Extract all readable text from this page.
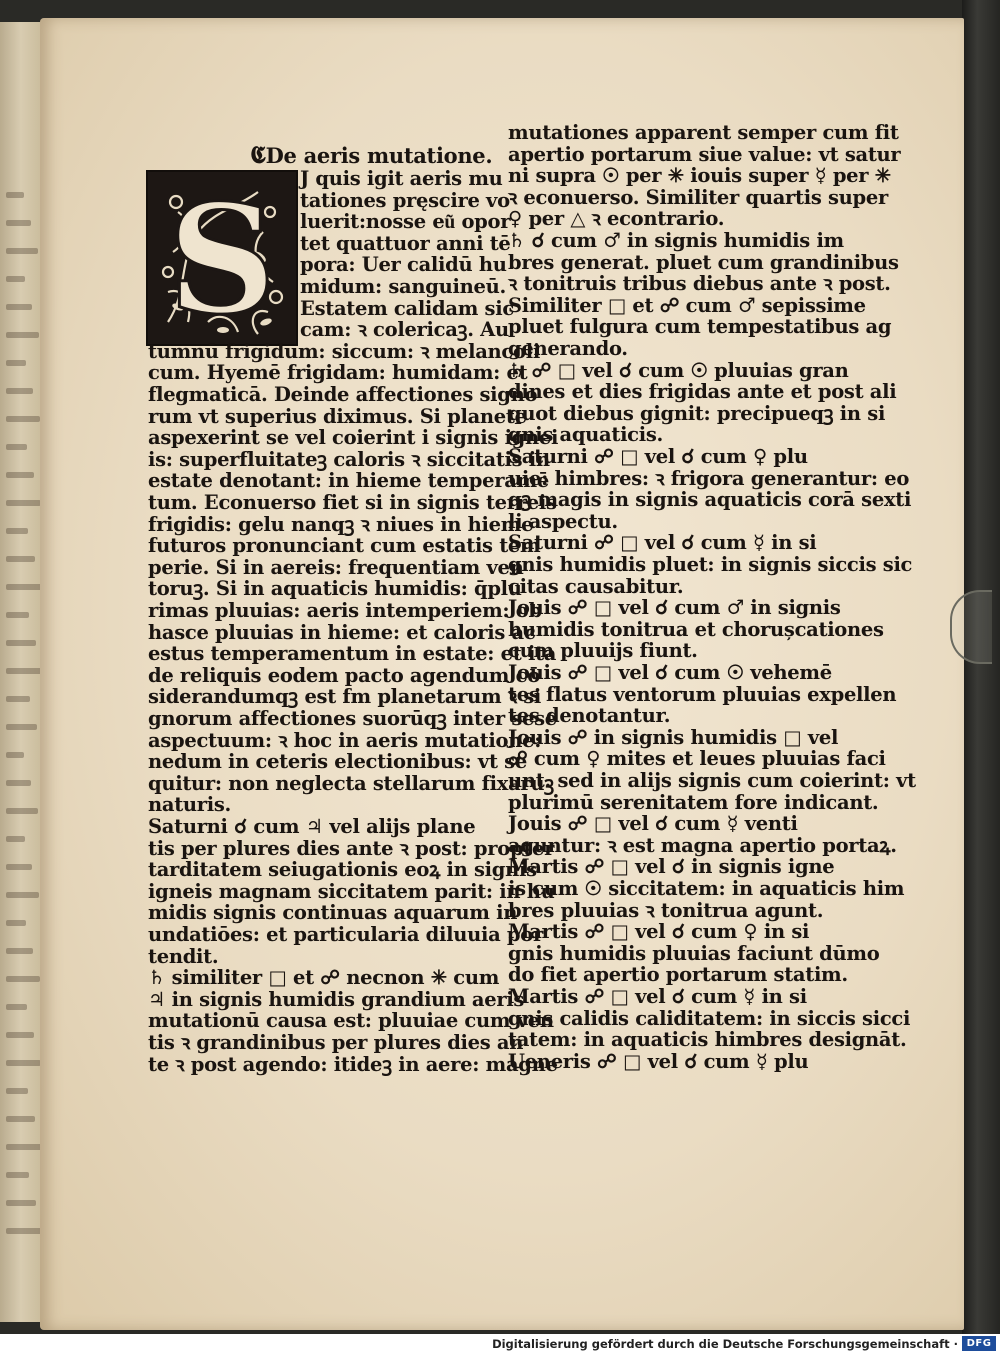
𝕮De aeris mutatione.
S J quis igit aeris mu
tationes pręscire vo
luerit:nosse eu͂ opor
tet quattuor anni tē
pora: Uer calidū hu
midum: sanguineū.
Estatem calidam sic
cam: ꝛ colericaꝫ. Au
tumnū frigidum: siccum: ꝛ melancoli
cum. Hyemē frigidam: humidam: et
flegmaticā. Deinde affectiones signo
rum vt superius diximus. Si planete
aspexerint se vel coierint i signis ignei
is: superfluitateꝫ caloris ꝛ siccitatis in
estate denotant: in hieme temperamē
tum. Econuerso fiet si in signis terreis
frigidis: gelu nanqꝫ ꝛ niues in hieme
futuros pronunciant cum estatis tem
perie. Si in aereis: frequentiam ven
toruꝫ. Si in aquaticis humidis: q̄plu
rimas pluuias: aeris intemperiem: ob
hasce pluuias in hieme: et caloris ac
estus temperamentum in estate: et ita
de reliquis eodem pacto agendum cō
siderandumqꝫ est fm planetarum ꝛ si
gnorum affectiones suorūqꝫ inter sese
aspectuum: ꝛ hoc in aeris mutatione:
nedum in ceteris electionibus: vt se
quitur: non neglecta stellarum fixaruꝫ
naturis.
Saturni ☌ cum ♃ vel alijs plane
tis per plures dies ante ꝛ post: propter
tarditatem seiugationis eoꝝ in signis
igneis magnam siccitatem parit: in hu
midis signis continuas aquarum in
undatiōes: et particularia diluuia por
tendit.
♄ similiter □ et ☍ necnon ✳ cum
♃ in signis humidis grandium aeris
mutationū causa est: pluuiae cum ven
tis ꝛ grandinibus per plures dies an
te ꝛ post agendo: itideꝫ in aere: magne
mutationes apparent semper cum fit
apertio portarum siue value: vt satur
ni supra ☉ per ✳ iouis super ☿ per ✳
ꝛ econuerso. Similiter quartis super
♀ per △ ꝛ econtrario.
♄ ☌ cum ♂ in signis humidis im
bres generat. pluet cum grandinibus
ꝛ tonitruis tribus diebus ante ꝛ post.
Similiter □ et ☍ cum ♂ sepissime
pluet fulgura cum tempestatibus ag
generando.
♄ ☍ □ vel ☌ cum ☉ pluuias gran
dines et dies frigidas ante et post ali
quot diebus gignit: precipueqꝫ in si
gnis aquaticis.
Saturni ☍ □ vel ☌ cum ♀ plu
uie: himbres: ꝛ frigora generantur: eo
qꝫ magis in signis aquaticis corā sexti
li aspectu.
Saturni ☍ □ vel ☌ cum ☿ in si
gnis humidis pluet: in signis siccis sic
citas causabitur.
Jouis ☍ □ vel ☌ cum ♂ in signis
humidis tonitrua et chorușcationes
cum pluuijs fiunt.
Jouis ☍ □ vel ☌ cum ☉ vehemē
tes flatus ventorum pluuias expellen
tes denotantur.
Jouis ☍ in signis humidis □ vel
☍ cum ♀ mites et leues pluuias faci
unt. sed in alijs signis cum coierint: vt
plurimū serenitatem fore indicant.
Jouis ☍ □ vel ☌ cum ☿ venti
aguntur: ꝛ est magna apertio portaꝝ.
Martis ☍ □ vel ☌ in signis igne
is cum ☉ siccitatem: in aquaticis him
bres pluuias ꝛ tonitrua agunt.
Martis ☍ □ vel ☌ cum ♀ in si
gnis humidis pluuias faciunt dūmo
do fiet apertio portarum statim.
Martis ☍ □ vel ☌ cum ☿ in si
gnis calidis caliditatem: in siccis sicci
tatem: in aquaticis himbres designāt.
Ueneris ☍ □ vel ☌ cum ☿ plu
Digitalisierung gefördert durch die Deutsche Forschungsgemeinschaft · DFG
